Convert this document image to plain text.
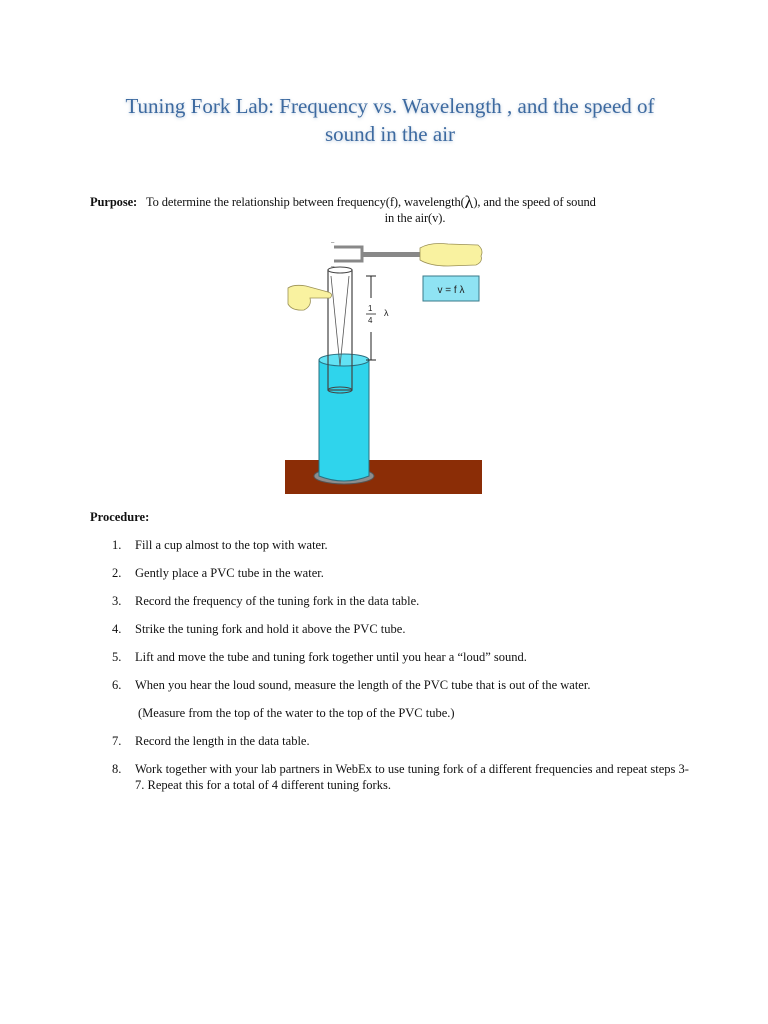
Tuning Fork Lab: Frequency vs. Wavelength , and the speed of
sound in the air
Purpose: To determine the relationship between frequency(f), wavelength(λ), and the speed of sound
in the air(v).
–
–
1
4
λ
v = f λ
Procedure:
1. Fill a cup almost to the top with water.
2. Gently place a PVC tube in the water.
3. Record the frequency of the tuning fork in the data table.
4. Strike the tuning fork and hold it above the PVC tube.
5. Lift and move the tube and tuning fork together until you hear a “loud” sound.
6. When you hear the loud sound, measure the length of the PVC tube that is out of the water.
(Measure from the top of the water to the top of the PVC tube.)
7. Record the length in the data table.
8. Work together with your lab partners in WebEx to use tuning fork of a different frequencies and repeat steps 3-7. Repeat this for a total of 4 different tuning forks.
